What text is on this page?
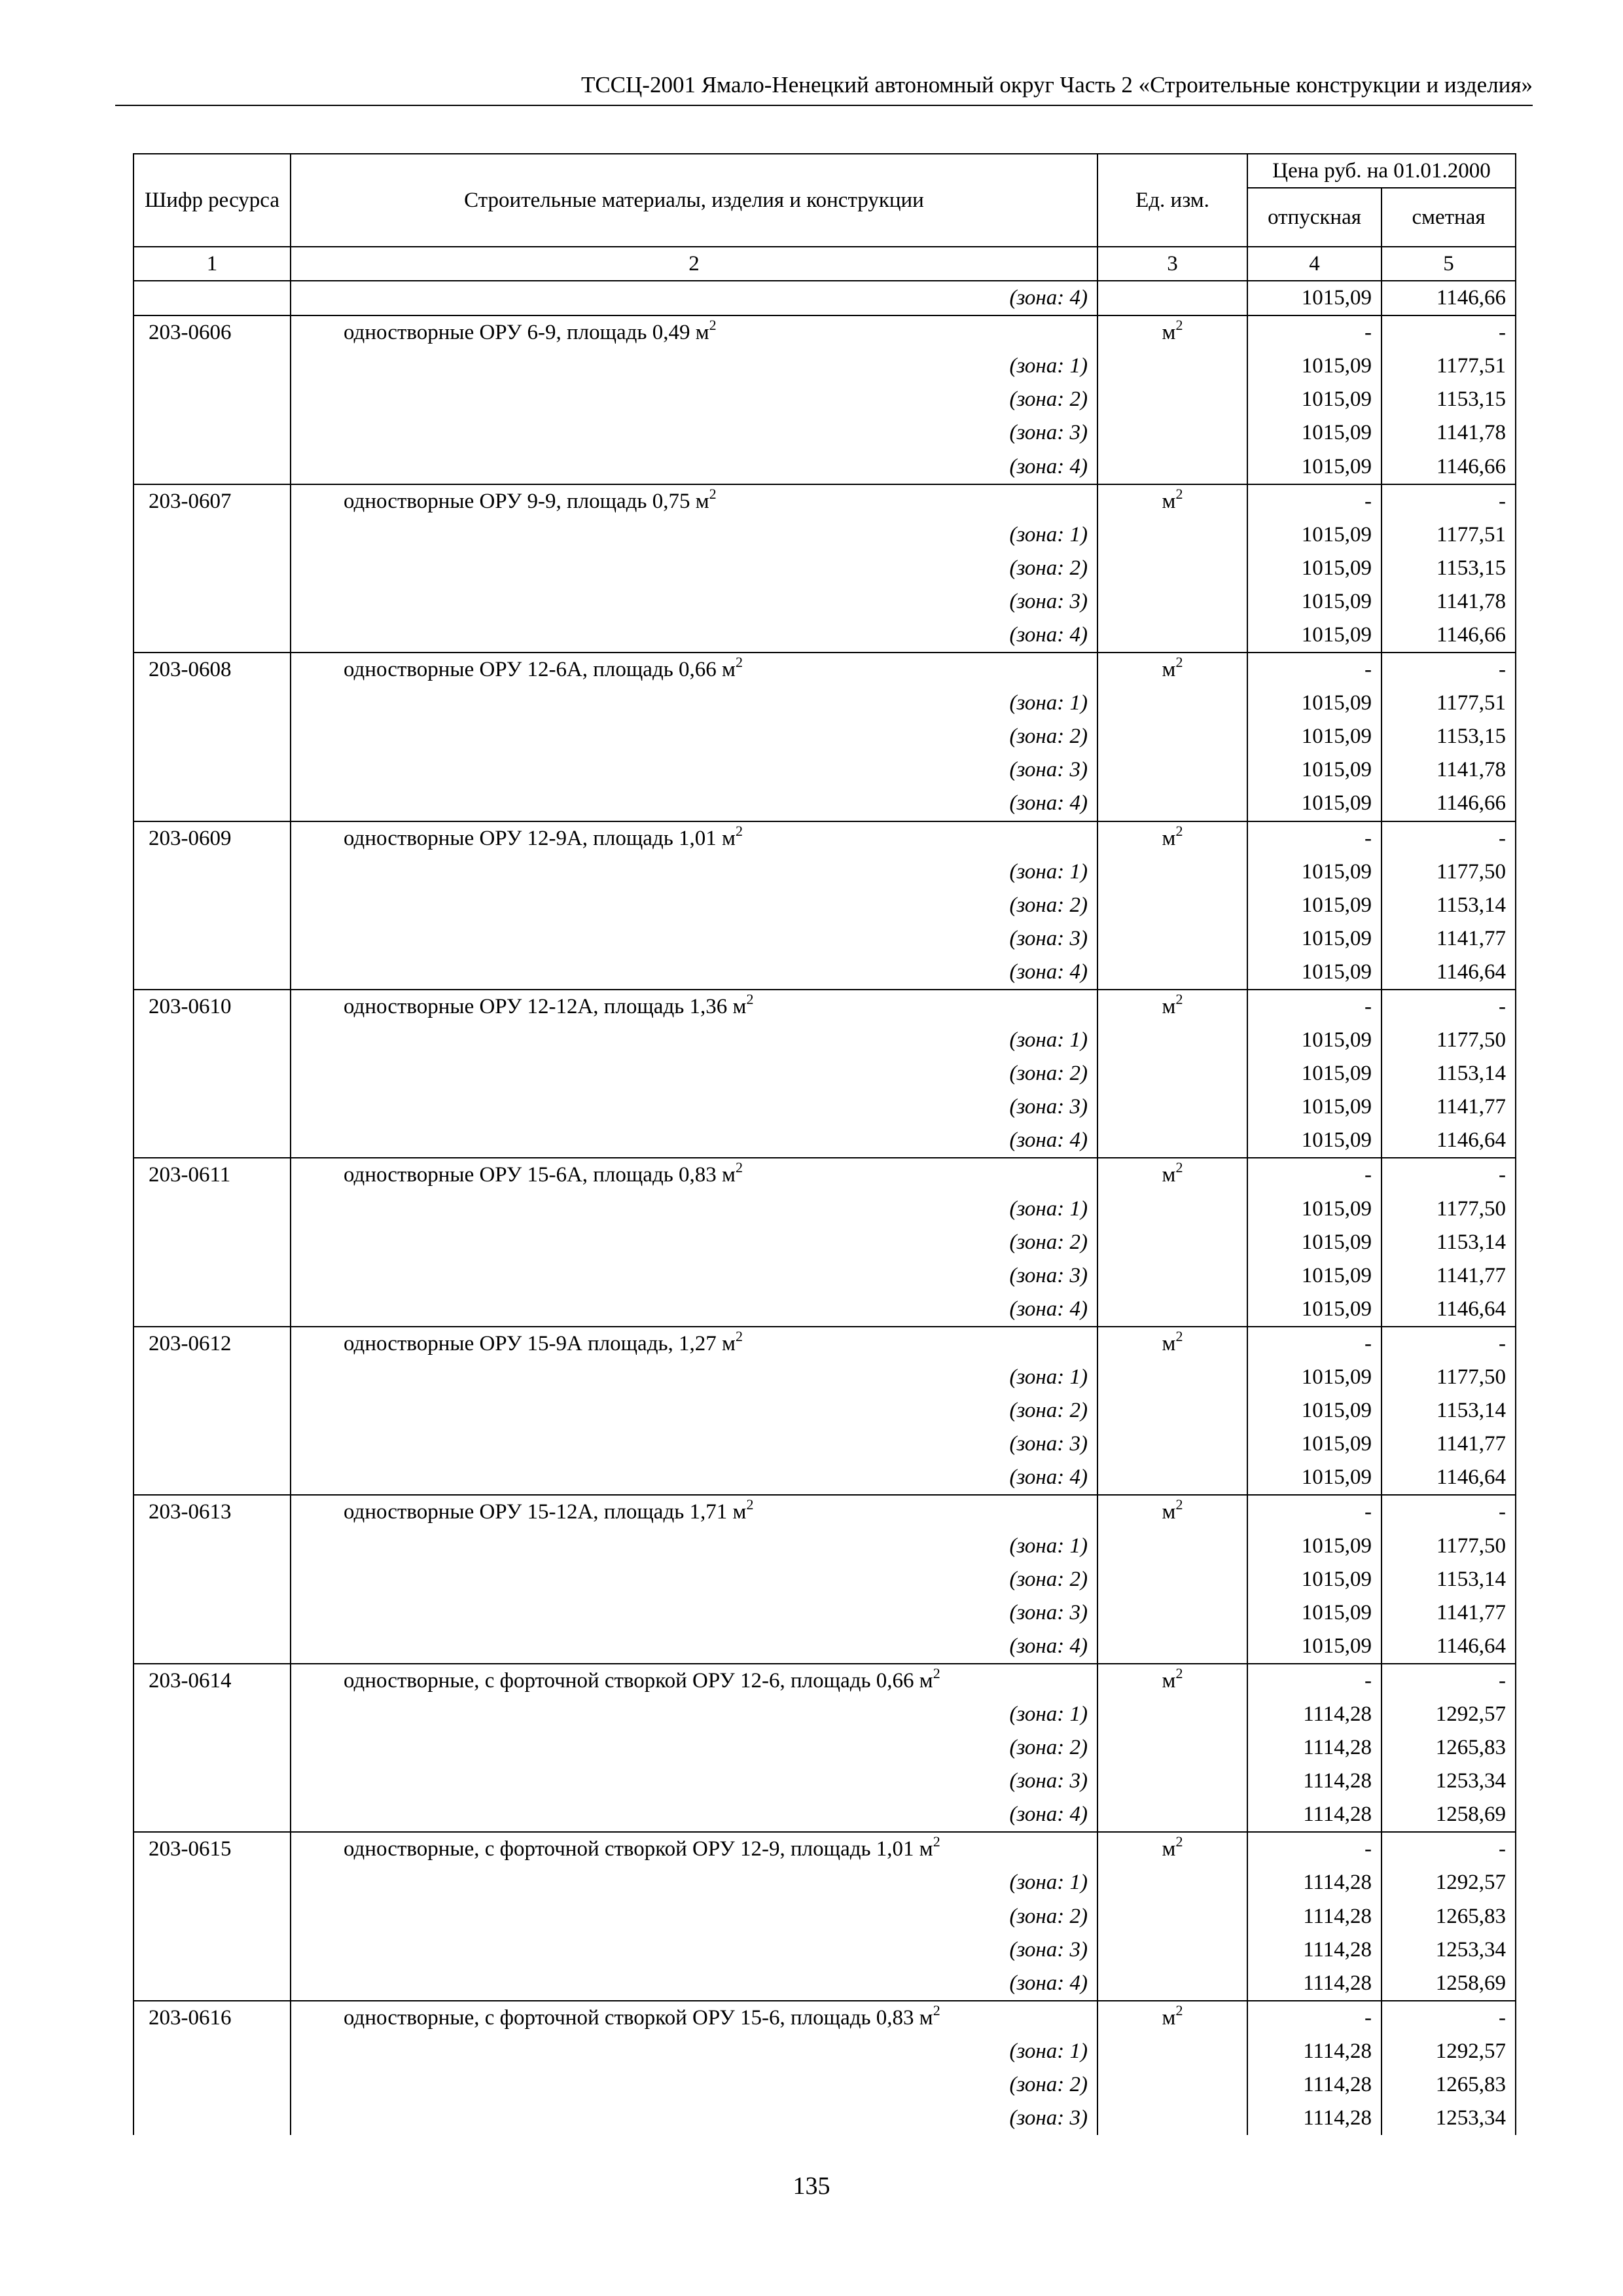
ТССЦ-2001 Ямало-Ненецкий автономный округ Часть 2 «Строительные конструкции и изделия»
Шифр ресурса	Строительные материалы, изделия и конструкции	Ед. изм.	Цена руб. на 01.01.2000	
			отпускная	сметная
1	2	3	4	5
	(зона: 4)		1015,09	1146,66
203-0606	одностворные ОРУ 6-9, площадь 0,49 $м^2$	$м^2$	-	-
	(зона: 1)		1015,09	1177,51
	(зона: 2)		1015,09	1153,15
	(зона: 3)		1015,09	1141,78
	(зона: 4)		1015,09	1146,66
203-0607	одностворные ОРУ 9-9, площадь 0,75 $м^2$	$м^2$	-	-
	(зона: 1)		1015,09	1177,51
	(зона: 2)		1015,09	1153,15
	(зона: 3)		1015,09	1141,78
	(зона: 4)		1015,09	1146,66
203-0608	одностворные ОРУ 12-6А, площадь 0,66 $м^2$	$м^2$	-	-
	(зона: 1)		1015,09	1177,51
	(зона: 2)		1015,09	1153,15
	(зона: 3)		1015,09	1141,78
	(зона: 4)		1015,09	1146,66
203-0609	одностворные ОРУ 12-9А, площадь 1,01 $м^2$	$м^2$	-	-
	(зона: 1)		1015,09	1177,50
	(зона: 2)		1015,09	1153,14
	(зона: 3)		1015,09	1141,77
	(зона: 4)		1015,09	1146,64
203-0610	одностворные ОРУ 12-12А, площадь 1,36 $м^2$	$м^2$	-	-
	(зона: 1)		1015,09	1177,50
	(зона: 2)		1015,09	1153,14
	(зона: 3)		1015,09	1141,77
	(зона: 4)		1015,09	1146,64
203-0611	одностворные ОРУ 15-6А, площадь 0,83 $м^2$	$м^2$	-	-
	(зона: 1)		1015,09	1177,50
	(зона: 2)		1015,09	1153,14
	(зона: 3)		1015,09	1141,77
	(зона: 4)		1015,09	1146,64
203-0612	одностворные ОРУ 15-9А площадь, 1,27 $м^2$	$м^2$	-	-
	(зона: 1)		1015,09	1177,50
	(зона: 2)		1015,09	1153,14
	(зона: 3)		1015,09	1141,77
	(зона: 4)		1015,09	1146,64
203-0613	одностворные ОРУ 15-12А, площадь 1,71 $м^2$	$м^2$	-	-
	(зона: 1)		1015,09	1177,50
	(зона: 2)		1015,09	1153,14
	(зона: 3)		1015,09	1141,77
	(зона: 4)		1015,09	1146,64
203-0614	одностворные, с форточной створкой ОРУ 12-6, площадь 0,66 $м^2$	$м^2$	-	-
	(зона: 1)		1114,28	1292,57
	(зона: 2)		1114,28	1265,83
	(зона: 3)		1114,28	1253,34
	(зона: 4)		1114,28	1258,69
203-0615	одностворные, с форточной створкой ОРУ 12-9, площадь 1,01 $м^2$	$м^2$	-	-
	(зона: 1)		1114,28	1292,57
	(зона: 2)		1114,28	1265,83
	(зона: 3)		1114,28	1253,34
	(зона: 4)		1114,28	1258,69
203-0616	одностворные, с форточной створкой ОРУ 15-6, площадь 0,83 $м^2$	$м^2$	-	-
	(зона: 1)		1114,28	1292,57
	(зона: 2)		1114,28	1265,83
	(зона: 3)		1114,28	1253,34
135
